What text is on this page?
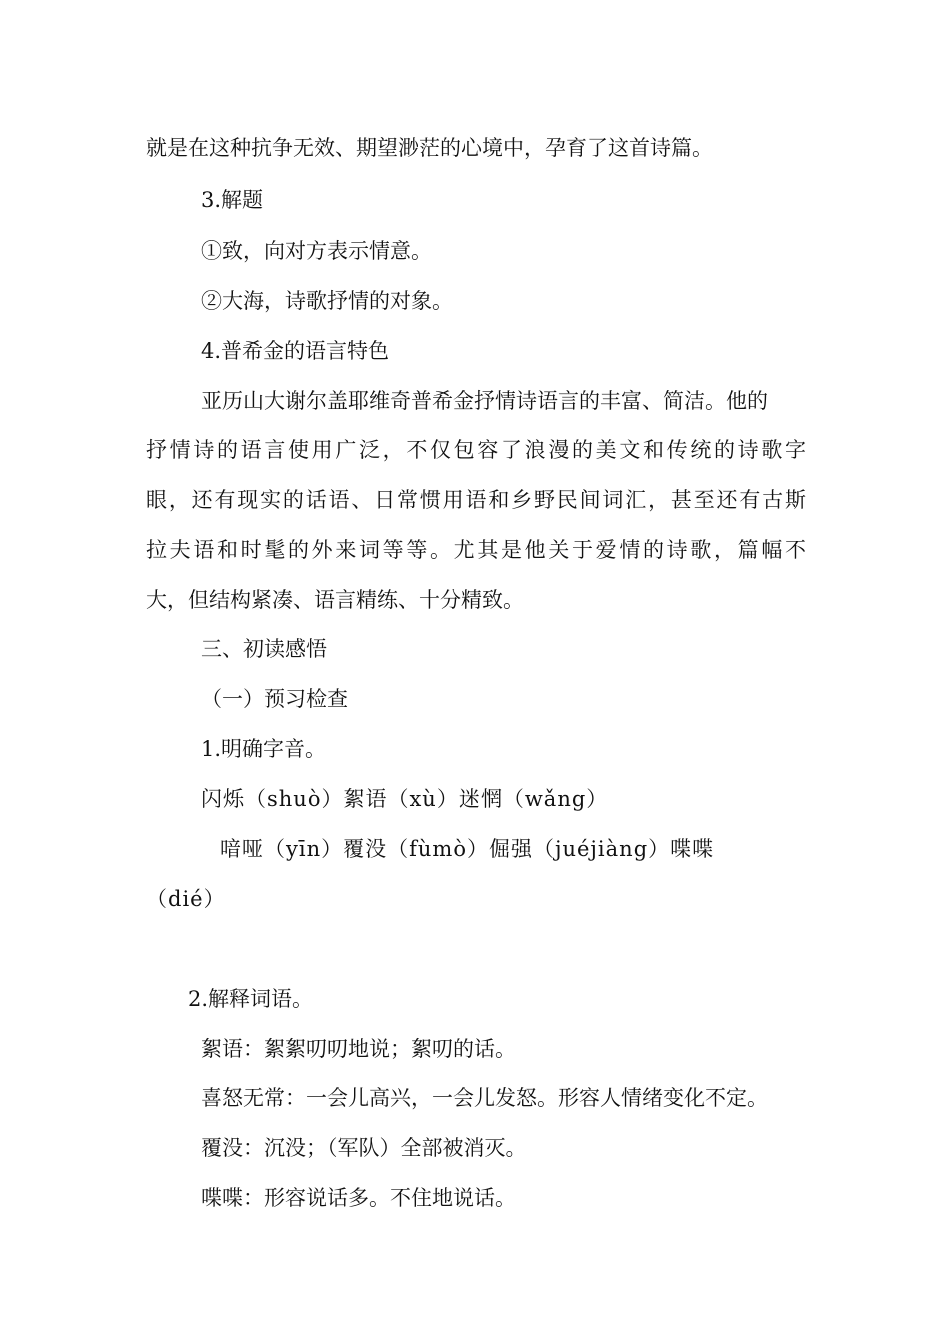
就是在这种抗争无效、期望渺茫的心境中，孕育了这首诗篇。
3.解题
①致，向对方表示情意。
②大海，诗歌抒情的对象。
4.普希金的语言特色
亚历山大谢尔盖耶维奇普希金抒情诗语言的丰富、简洁。他的
抒情诗的语言使用广泛，不仅包容了浪漫的美文和传统的诗歌字
眼，还有现实的话语、日常惯用语和乡野民间词汇，甚至还有古斯
拉夫语和时髦的外来词等等。尤其是他关于爱情的诗歌，篇幅不
大，但结构紧凑、语言精练、十分精致。
三、初读感悟
（一）预习检查
1.明确字音。
闪烁（shuò）絮语（xù）迷惘（wǎng）
喑哑（yīn）覆没（fùmò）倔强（juéjiàng）喋喋
（dié）
2.解释词语。
絮语：絮絮叨叨地说；絮叨的话。
喜怒无常：一会儿高兴，一会儿发怒。形容人情绪变化不定。
覆没：沉没；（军队）全部被消灭。
喋喋：形容说话多。不住地说话。
